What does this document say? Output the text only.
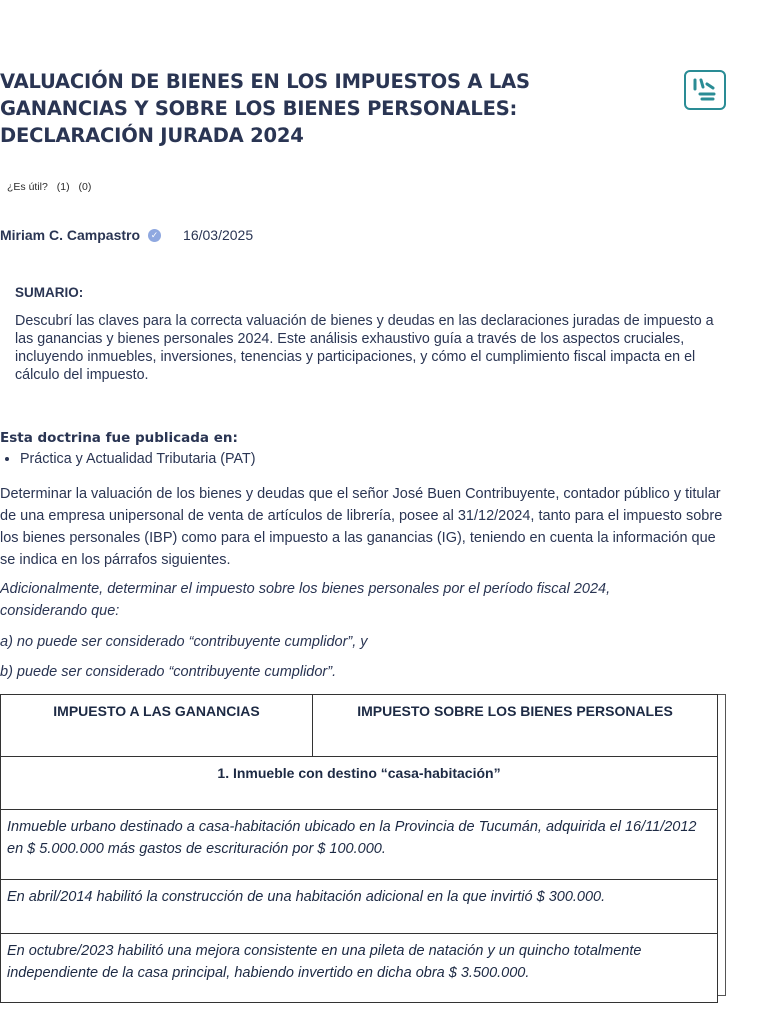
VALUACIÓN DE BIENES EN LOS IMPUESTOS A LAS GANANCIAS Y SOBRE LOS BIENES PERSONALES: DECLARACIÓN JURADA 2024
¿Es útil? (1) (0)
Miriam C. Campastro	✓ 16/03/2025
SUMARIO:

Descubrí las claves para la correcta valuación de bienes y deudas en las declaraciones juradas de impuesto a las ganancias y bienes personales 2024. Este análisis exhaustivo guía a través de los aspectos cruciales, incluyendo inmuebles, inversiones, tenencias y participaciones, y cómo el cumplimiento fiscal impacta en el cálculo del impuesto.

Esta doctrina fue publicada en:
• Práctica y Actualidad Tributaria (PAT)

Determinar la valuación de los bienes y deudas que el señor José Buen Contribuyente, contador público y titular de una empresa unipersonal de venta de artículos de librería, posee al 31/12/2024, tanto para el impuesto sobre los bienes personales (IBP) como para el impuesto a las ganancias (IG), teniendo en cuenta la información que se indica en los párrafos siguientes.

Adicionalmente, determinar el impuesto sobre los bienes personales por el período fiscal 2024, considerando que:

a) no puede ser considerado “contribuyente cumplidor”, y

b) puede ser considerado “contribuyente cumplidor”.

IMPUESTO A LAS GANANCIAS	IMPUESTO SOBRE LOS BIENES PERSONALES
1. Inmueble con destino “casa-habitación”
Inmueble urbano destinado a casa-habitación ubicado en la Provincia de Tucumán, adquirida el 16/11/2012 en $ 5.000.000 más gastos de escrituración por $ 100.000.
En abril/2014 habilitó la construcción de una habitación adicional en la que invirtió $ 300.000.
En octubre/2023 habilitó una mejora consistente en una pileta de natación y un quincho totalmente independiente de la casa principal, habiendo invertido en dicha obra $ 3.500.000.
